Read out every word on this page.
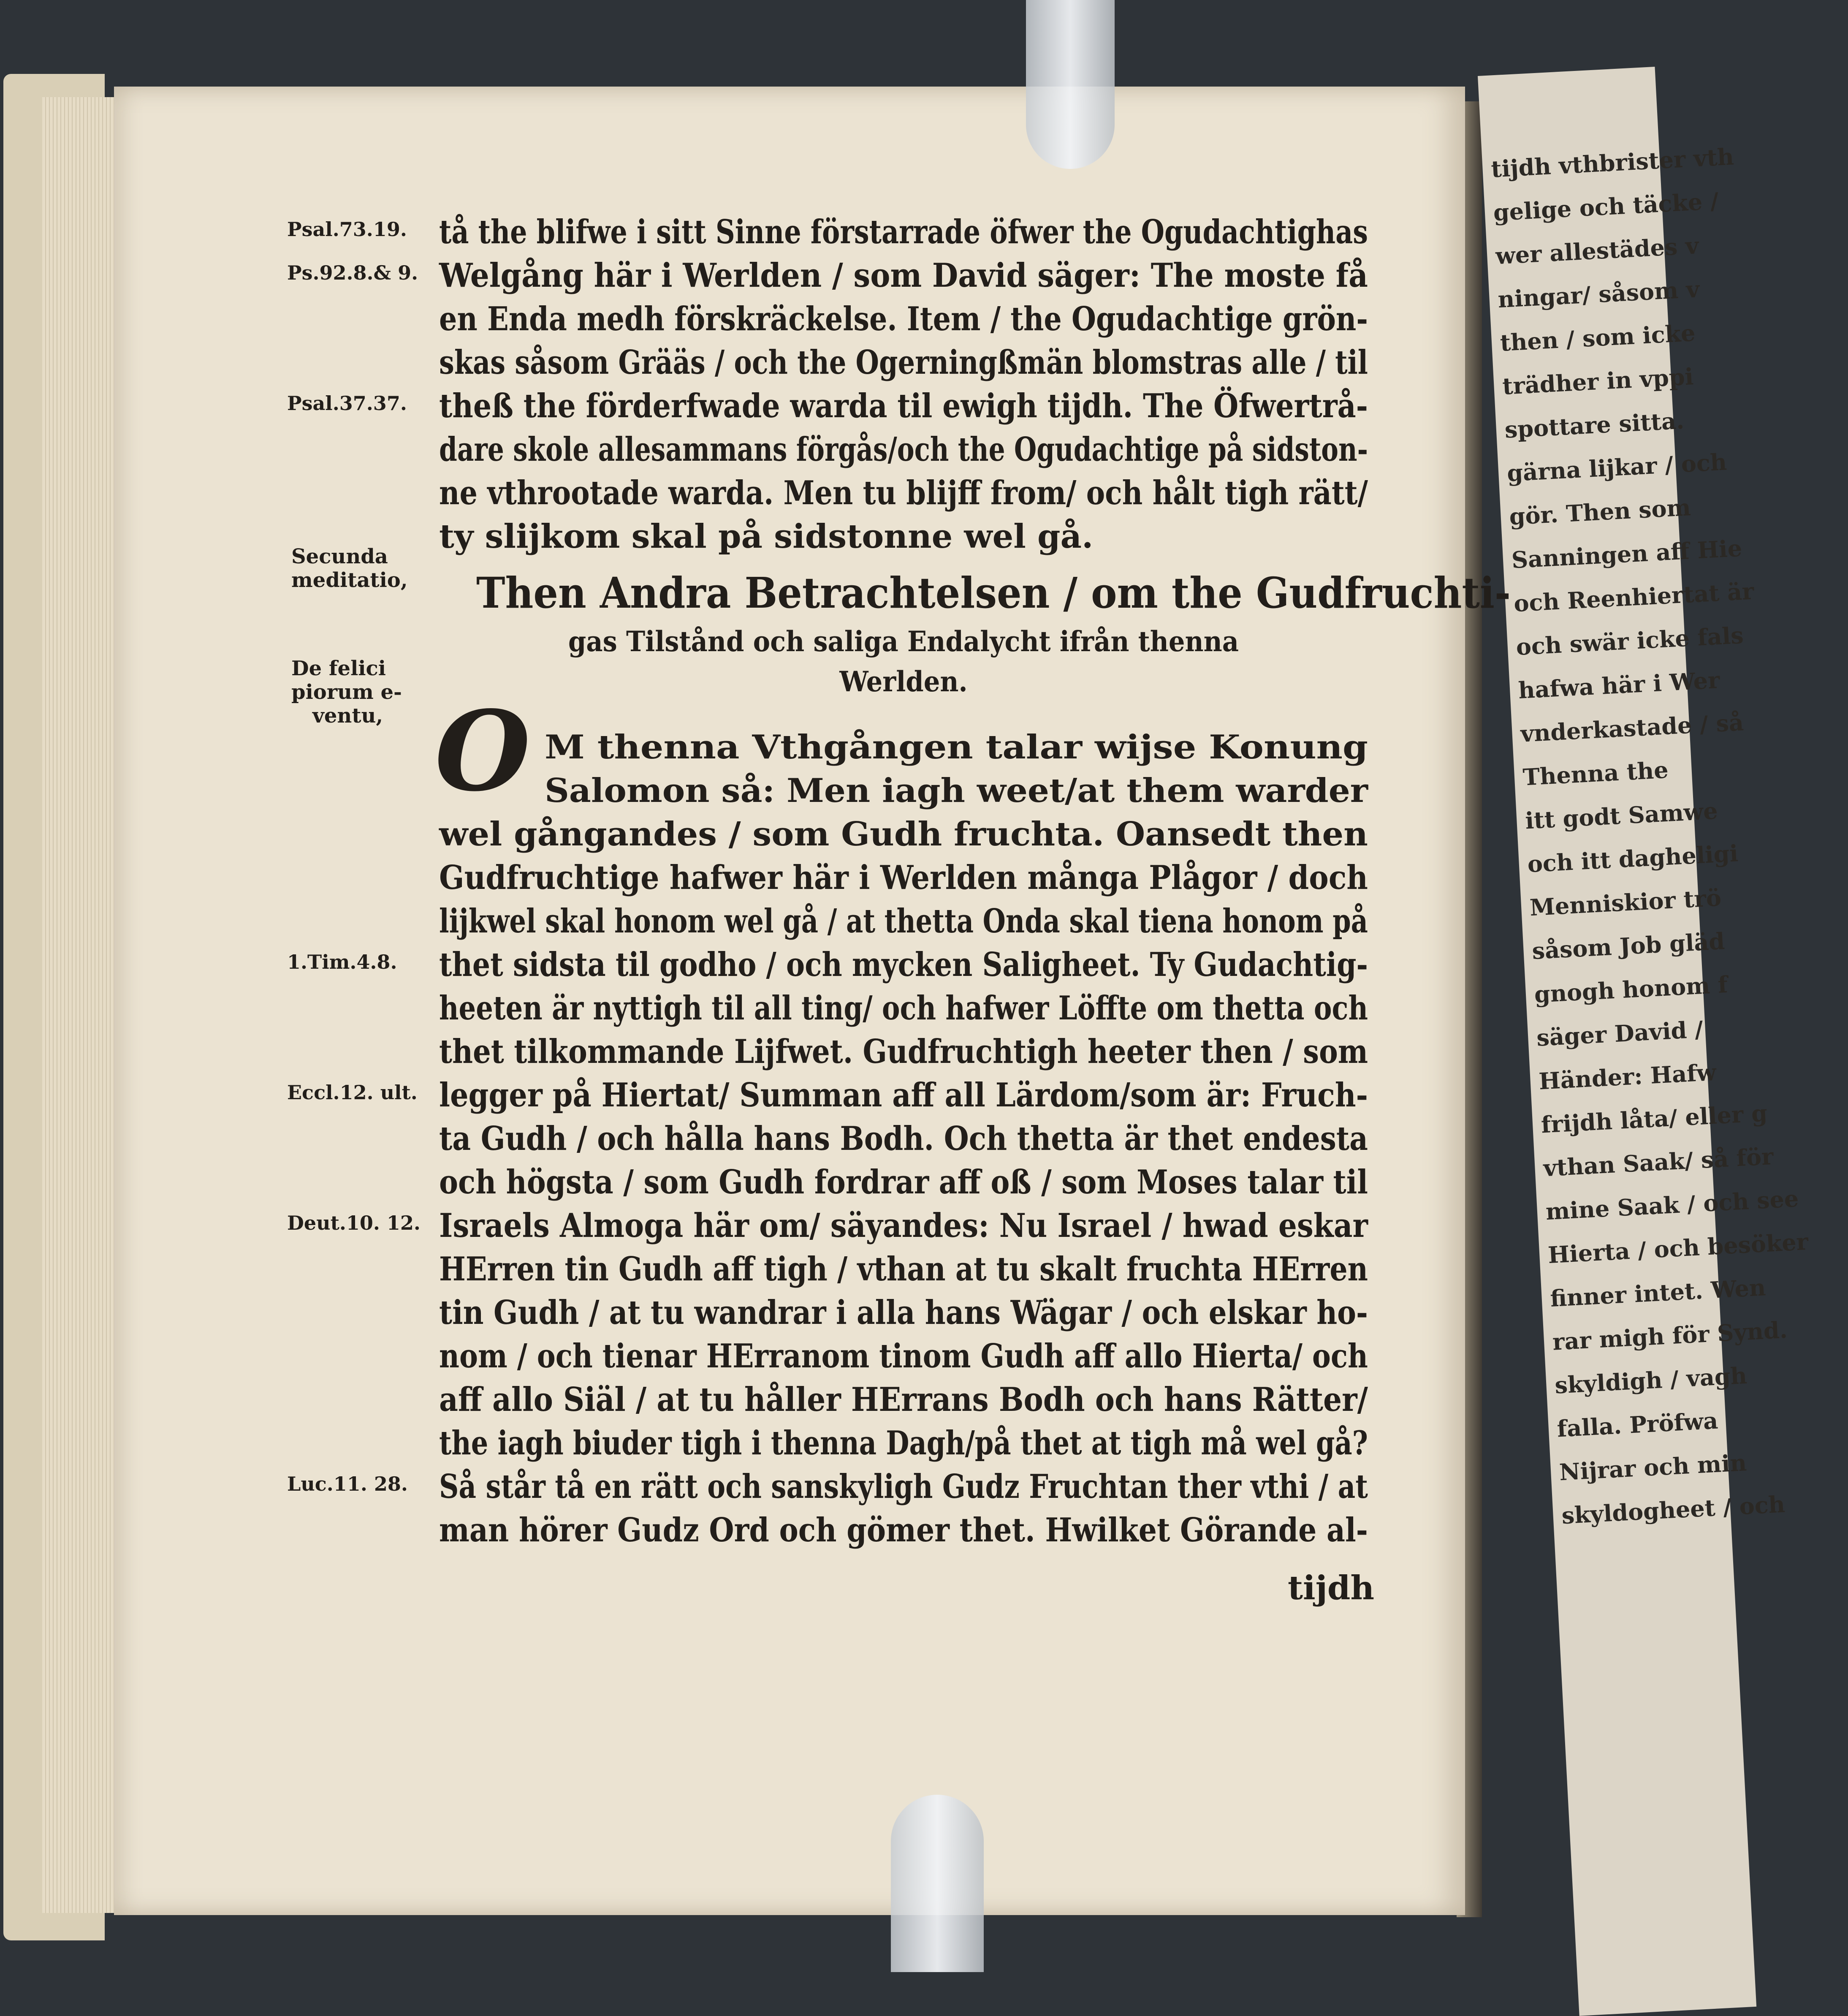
tijdh vthbrister vth
gelige och täcke /
wer allestädes v
ningar/ såsom v
then / som icke
trädher in vppi
spottare sitta.
gärna lijkar / och
gör. Then som
Sanningen aff Hie
och Reenhiertat är
och swär icke fals
hafwa här i Wer
vnderkastade / så
Thenna the
itt godt Samwe
och itt dagheligi
Menniskior trö
såsom Job gläd
gnogh honom f
säger David /
Händer: Hafw
frijdh låta/ eller g
vthan Saak/ så för
mine Saak / och see
Hierta / och besöker
finner intet. Wen
rar migh för Synd.
skyldigh / vagh
falla. Pröfwa
Nijrar och min
skyldogheet / och
Psal.73.19. tå the blifwe i sitt Sinne förstarrade öfwer the Ogudachtighas
Ps.92.8.& 9. Welgång här i Werlden / som David säger: The moste få
en Enda medh förskräckelse. Item / the Ogudachtige grön-
skas såsom Grääs / och the Ogerningßmän blomstras alle / til
Psal.37.37. theß the förderfwade warda til ewigh tijdh. The Öfwertrå-
dare skole allesammans förgås/och the Ogudachtige på sidston-
ne vthrootade warda. Men tu blijff from/ och hålt tigh rätt/
ty slijkom skal på sidstonne wel gå.
Secunda
meditatio,
De felici
piorum e-
ventu,
Then Andra Betrachtelsen / om the Gudfruchti-
gas Tilstånd och saliga Endalycht ifrån thenna
Werlden.
O M thenna Vthgången talar wijse Konung
Salomon så: Men iagh weet/at them warder
wel gångandes / som Gudh fruchta. Oansedt then
Gudfruchtige hafwer här i Werlden många Plågor / doch
lijkwel skal honom wel gå / at thetta Onda skal tiena honom på
1.Tim.4.8.	thet sidsta til godho / och mycken Saligheet. Ty Gudachtig-
heeten är nyttigh til all ting/ och hafwer Löffte om thetta och
thet tilkommande Lijfwet. Gudfruchtigh heeter then / som
Eccl.12. ult. legger på Hiertat/ Summan aff all Lärdom/som är: Fruch-
ta Gudh / och hålla hans Bodh. Och thetta är thet endesta
och högsta / som Gudh fordrar aff oß / som Moses talar til
Deut.10. 12. Israels Almoga här om/ säyandes: Nu Israel / hwad eskar
HErren tin Gudh aff tigh / vthan at tu skalt fruchta HErren
tin Gudh / at tu wandrar i alla hans Wägar / och elskar ho-
nom / och tienar HErranom tinom Gudh aff allo Hierta/ och
aff allo Siäl / at tu håller HErrans Bodh och hans Rätter/
the iagh biuder tigh i thenna Dagh/på thet at tigh må wel gå?
Luc.11. 28. Så står tå en rätt och sanskyligh Gudz Fruchtan ther vthi / at
man hörer Gudz Ord och gömer thet. Hwilket Görande al-
tijdh
